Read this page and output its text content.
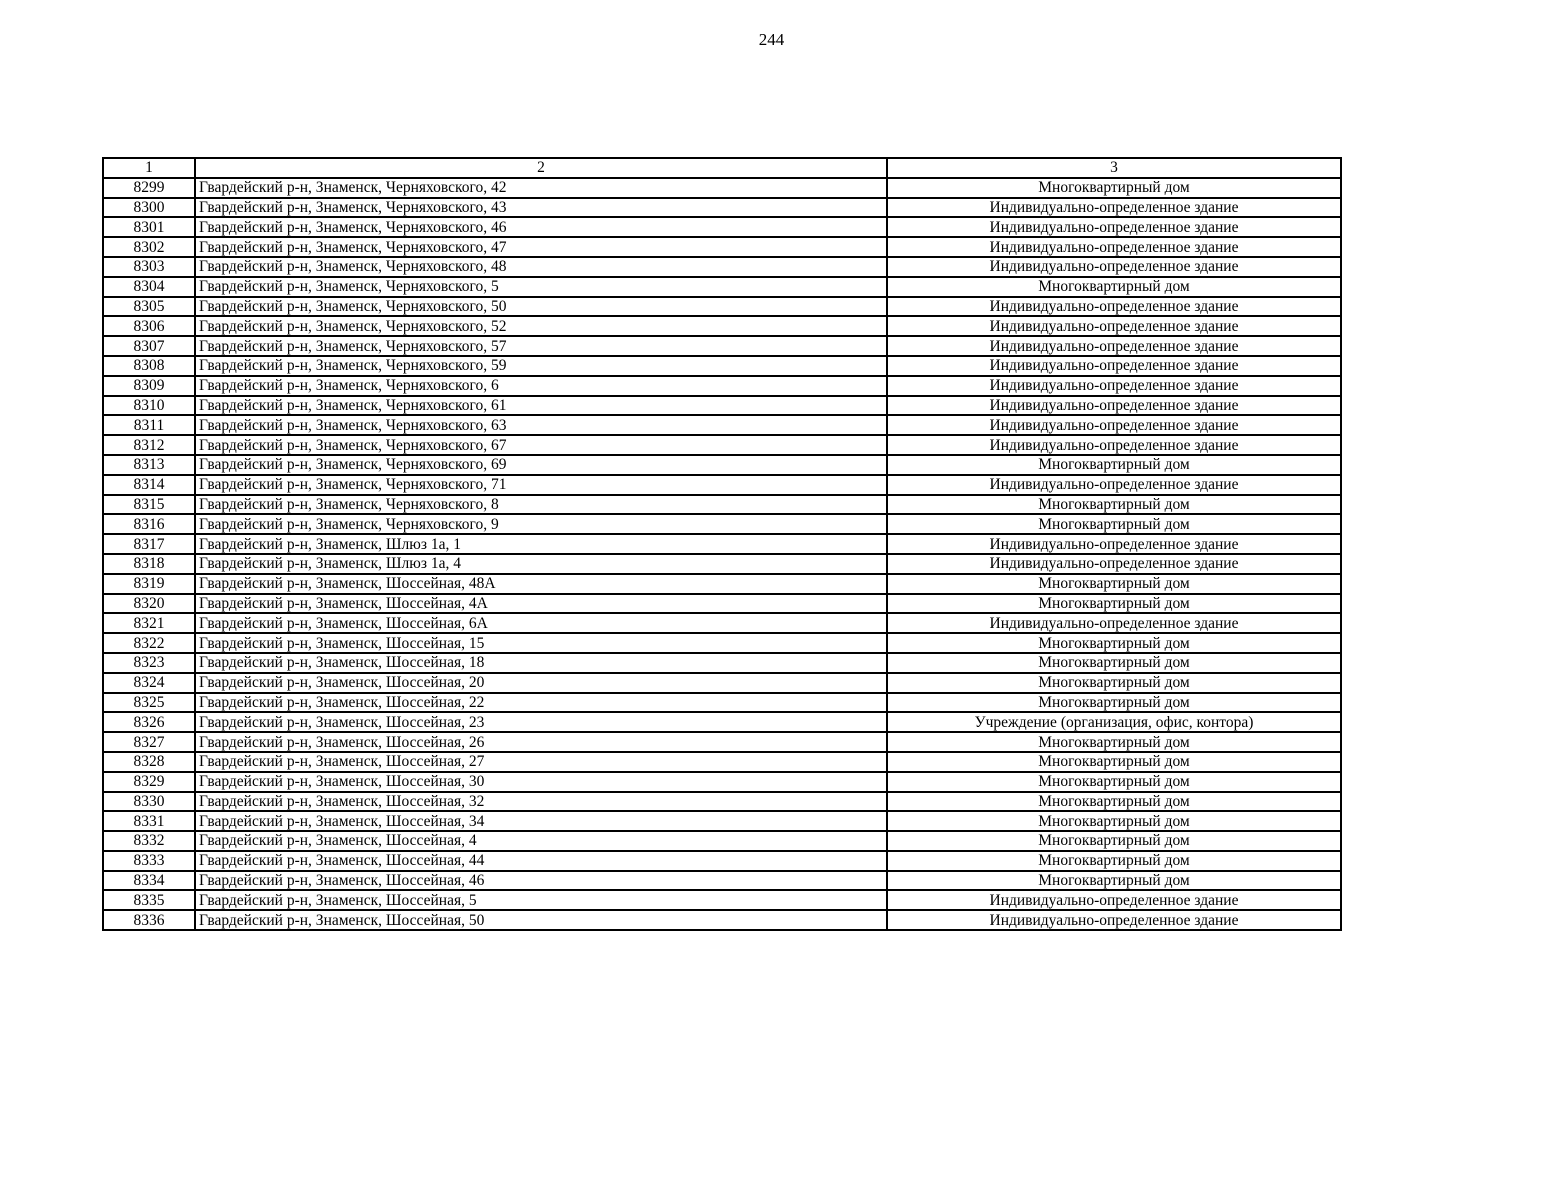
244
1	2	3
8299	Гвардейский р-н, Знаменск, Черняховского, 42	Многоквартирный дом
8300	Гвардейский р-н, Знаменск, Черняховского, 43	Индивидуально-определенное здание
8301	Гвардейский р-н, Знаменск, Черняховского, 46	Индивидуально-определенное здание
8302	Гвардейский р-н, Знаменск, Черняховского, 47	Индивидуально-определенное здание
8303	Гвардейский р-н, Знаменск, Черняховского, 48	Индивидуально-определенное здание
8304	Гвардейский р-н, Знаменск, Черняховского, 5	Многоквартирный дом
8305	Гвардейский р-н, Знаменск, Черняховского, 50	Индивидуально-определенное здание
8306	Гвардейский р-н, Знаменск, Черняховского, 52	Индивидуально-определенное здание
8307	Гвардейский р-н, Знаменск, Черняховского, 57	Индивидуально-определенное здание
8308	Гвардейский р-н, Знаменск, Черняховского, 59	Индивидуально-определенное здание
8309	Гвардейский р-н, Знаменск, Черняховского, 6	Индивидуально-определенное здание
8310	Гвардейский р-н, Знаменск, Черняховского, 61	Индивидуально-определенное здание
8311	Гвардейский р-н, Знаменск, Черняховского, 63	Индивидуально-определенное здание
8312	Гвардейский р-н, Знаменск, Черняховского, 67	Индивидуально-определенное здание
8313	Гвардейский р-н, Знаменск, Черняховского, 69	Многоквартирный дом
8314	Гвардейский р-н, Знаменск, Черняховского, 71	Индивидуально-определенное здание
8315	Гвардейский р-н, Знаменск, Черняховского, 8	Многоквартирный дом
8316	Гвардейский р-н, Знаменск, Черняховского, 9	Многоквартирный дом
8317	Гвардейский р-н, Знаменск, Шлюз 1а, 1	Индивидуально-определенное здание
8318	Гвардейский р-н, Знаменск, Шлюз 1а, 4	Индивидуально-определенное здание
8319	Гвардейский р-н, Знаменск, Шоссейная, 48А	Многоквартирный дом
8320	Гвардейский р-н, Знаменск, Шоссейная, 4А	Многоквартирный дом
8321	Гвардейский р-н, Знаменск, Шоссейная, 6А	Индивидуально-определенное здание
8322	Гвардейский р-н, Знаменск, Шоссейная, 15	Многоквартирный дом
8323	Гвардейский р-н, Знаменск, Шоссейная, 18	Многоквартирный дом
8324	Гвардейский р-н, Знаменск, Шоссейная, 20	Многоквартирный дом
8325	Гвардейский р-н, Знаменск, Шоссейная, 22	Многоквартирный дом
8326	Гвардейский р-н, Знаменск, Шоссейная, 23	Учреждение (организация, офис, контора)
8327	Гвардейский р-н, Знаменск, Шоссейная, 26	Многоквартирный дом
8328	Гвардейский р-н, Знаменск, Шоссейная, 27	Многоквартирный дом
8329	Гвардейский р-н, Знаменск, Шоссейная, 30	Многоквартирный дом
8330	Гвардейский р-н, Знаменск, Шоссейная, 32	Многоквартирный дом
8331	Гвардейский р-н, Знаменск, Шоссейная, 34	Многоквартирный дом
8332	Гвардейский р-н, Знаменск, Шоссейная, 4	Многоквартирный дом
8333	Гвардейский р-н, Знаменск, Шоссейная, 44	Многоквартирный дом
8334	Гвардейский р-н, Знаменск, Шоссейная, 46	Многоквартирный дом
8335	Гвардейский р-н, Знаменск, Шоссейная, 5	Индивидуально-определенное здание
8336	Гвардейский р-н, Знаменск, Шоссейная, 50	Индивидуально-определенное здание
